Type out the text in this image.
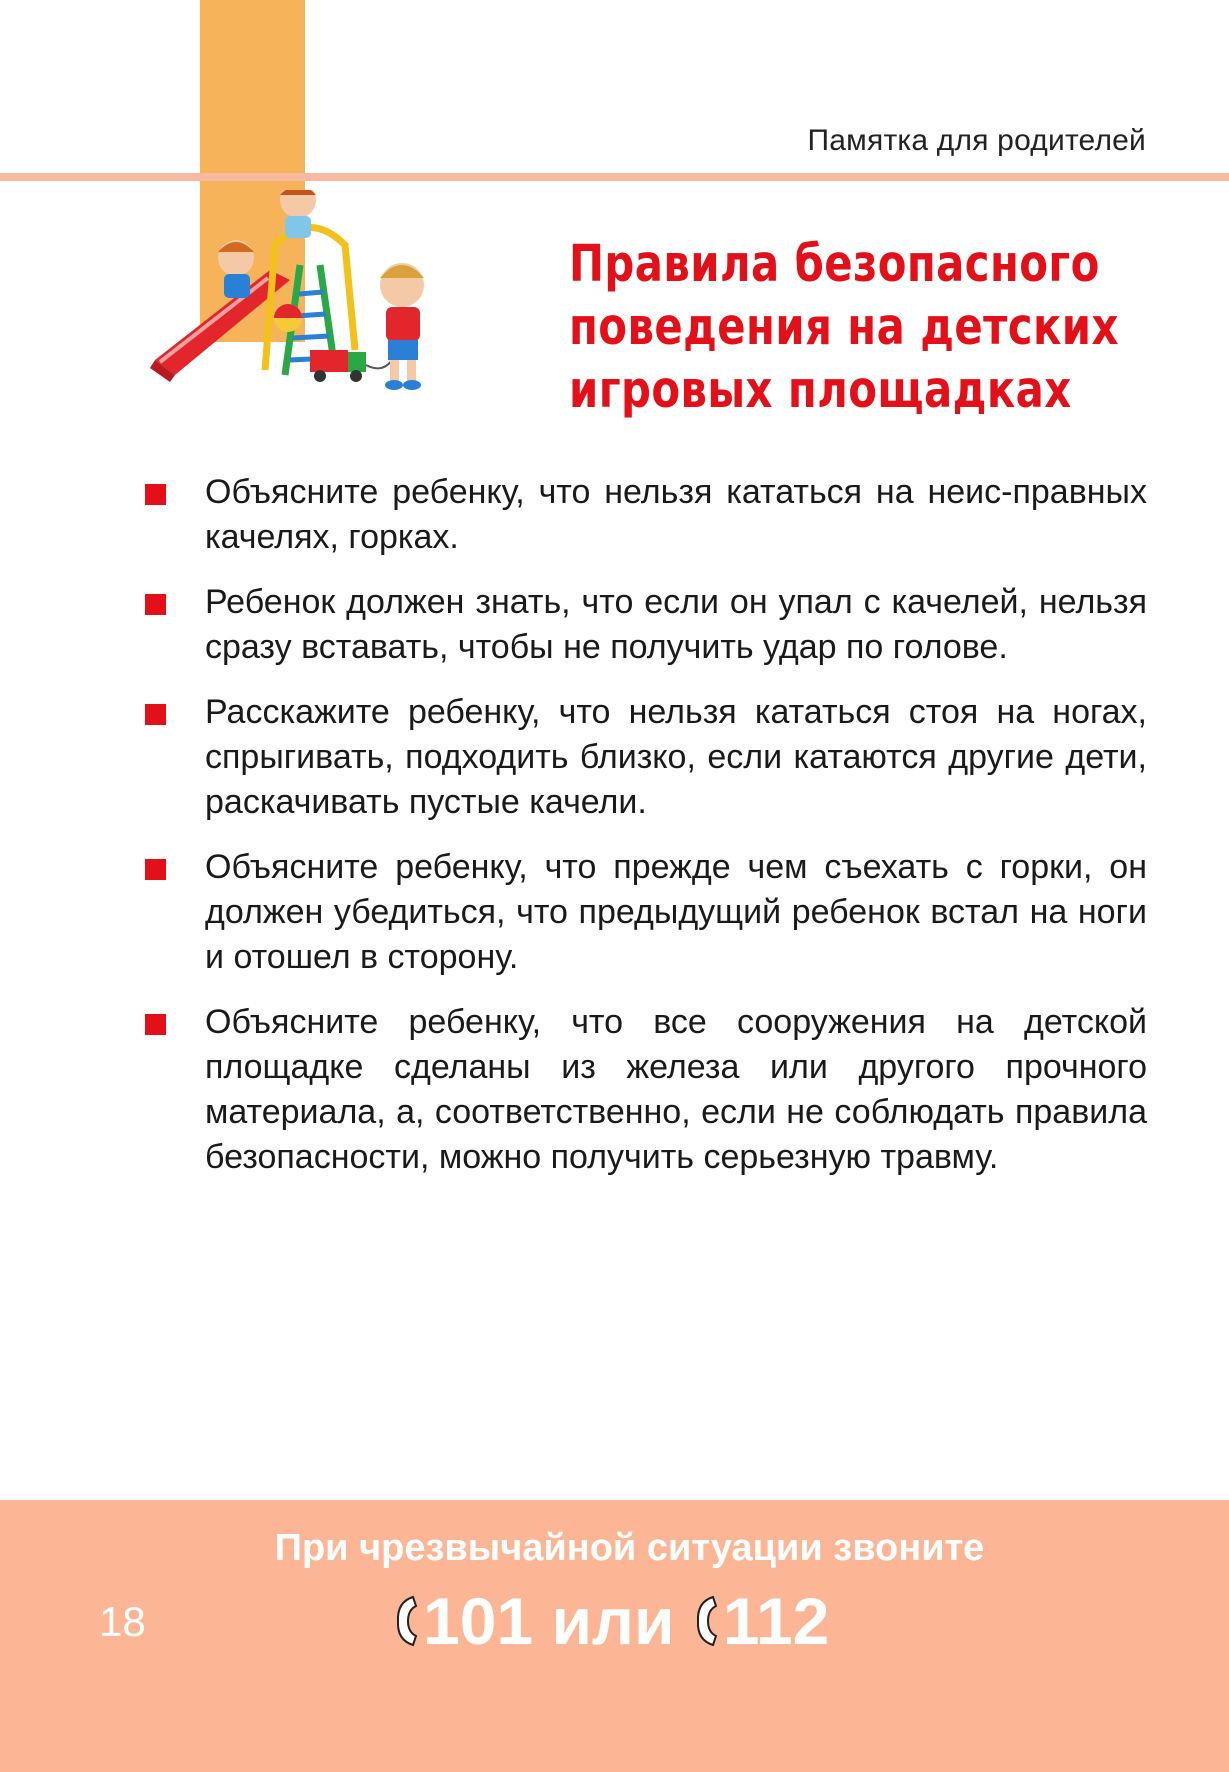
Памятка для родителей
Правила безопасного
поведения на детских
игровых площадках
Объясните ребенку, что нельзя кататься на неис-правных качелях, горках.
Ребенок должен знать, что если он упал с качелей, нельзя сразу вставать, чтобы не получить удар по голове.
Расскажите ребенку, что нельзя кататься стоя на ногах, спрыгивать, подходить близко, если катаются другие дети, раскачивать пустые качели.
Объясните ребенку, что прежде чем съехать с горки, он должен убедиться, что предыдущий ребенок встал на ноги и отошел в сторону.
Объясните ребенку, что все сооружения на детской площадке сделаны из железа или другого прочного материала, а, соответственно, если не соблюдать правила безопасности, можно получить серьезную травму.
При чрезвычайной ситуации звоните
101 или 112
18
